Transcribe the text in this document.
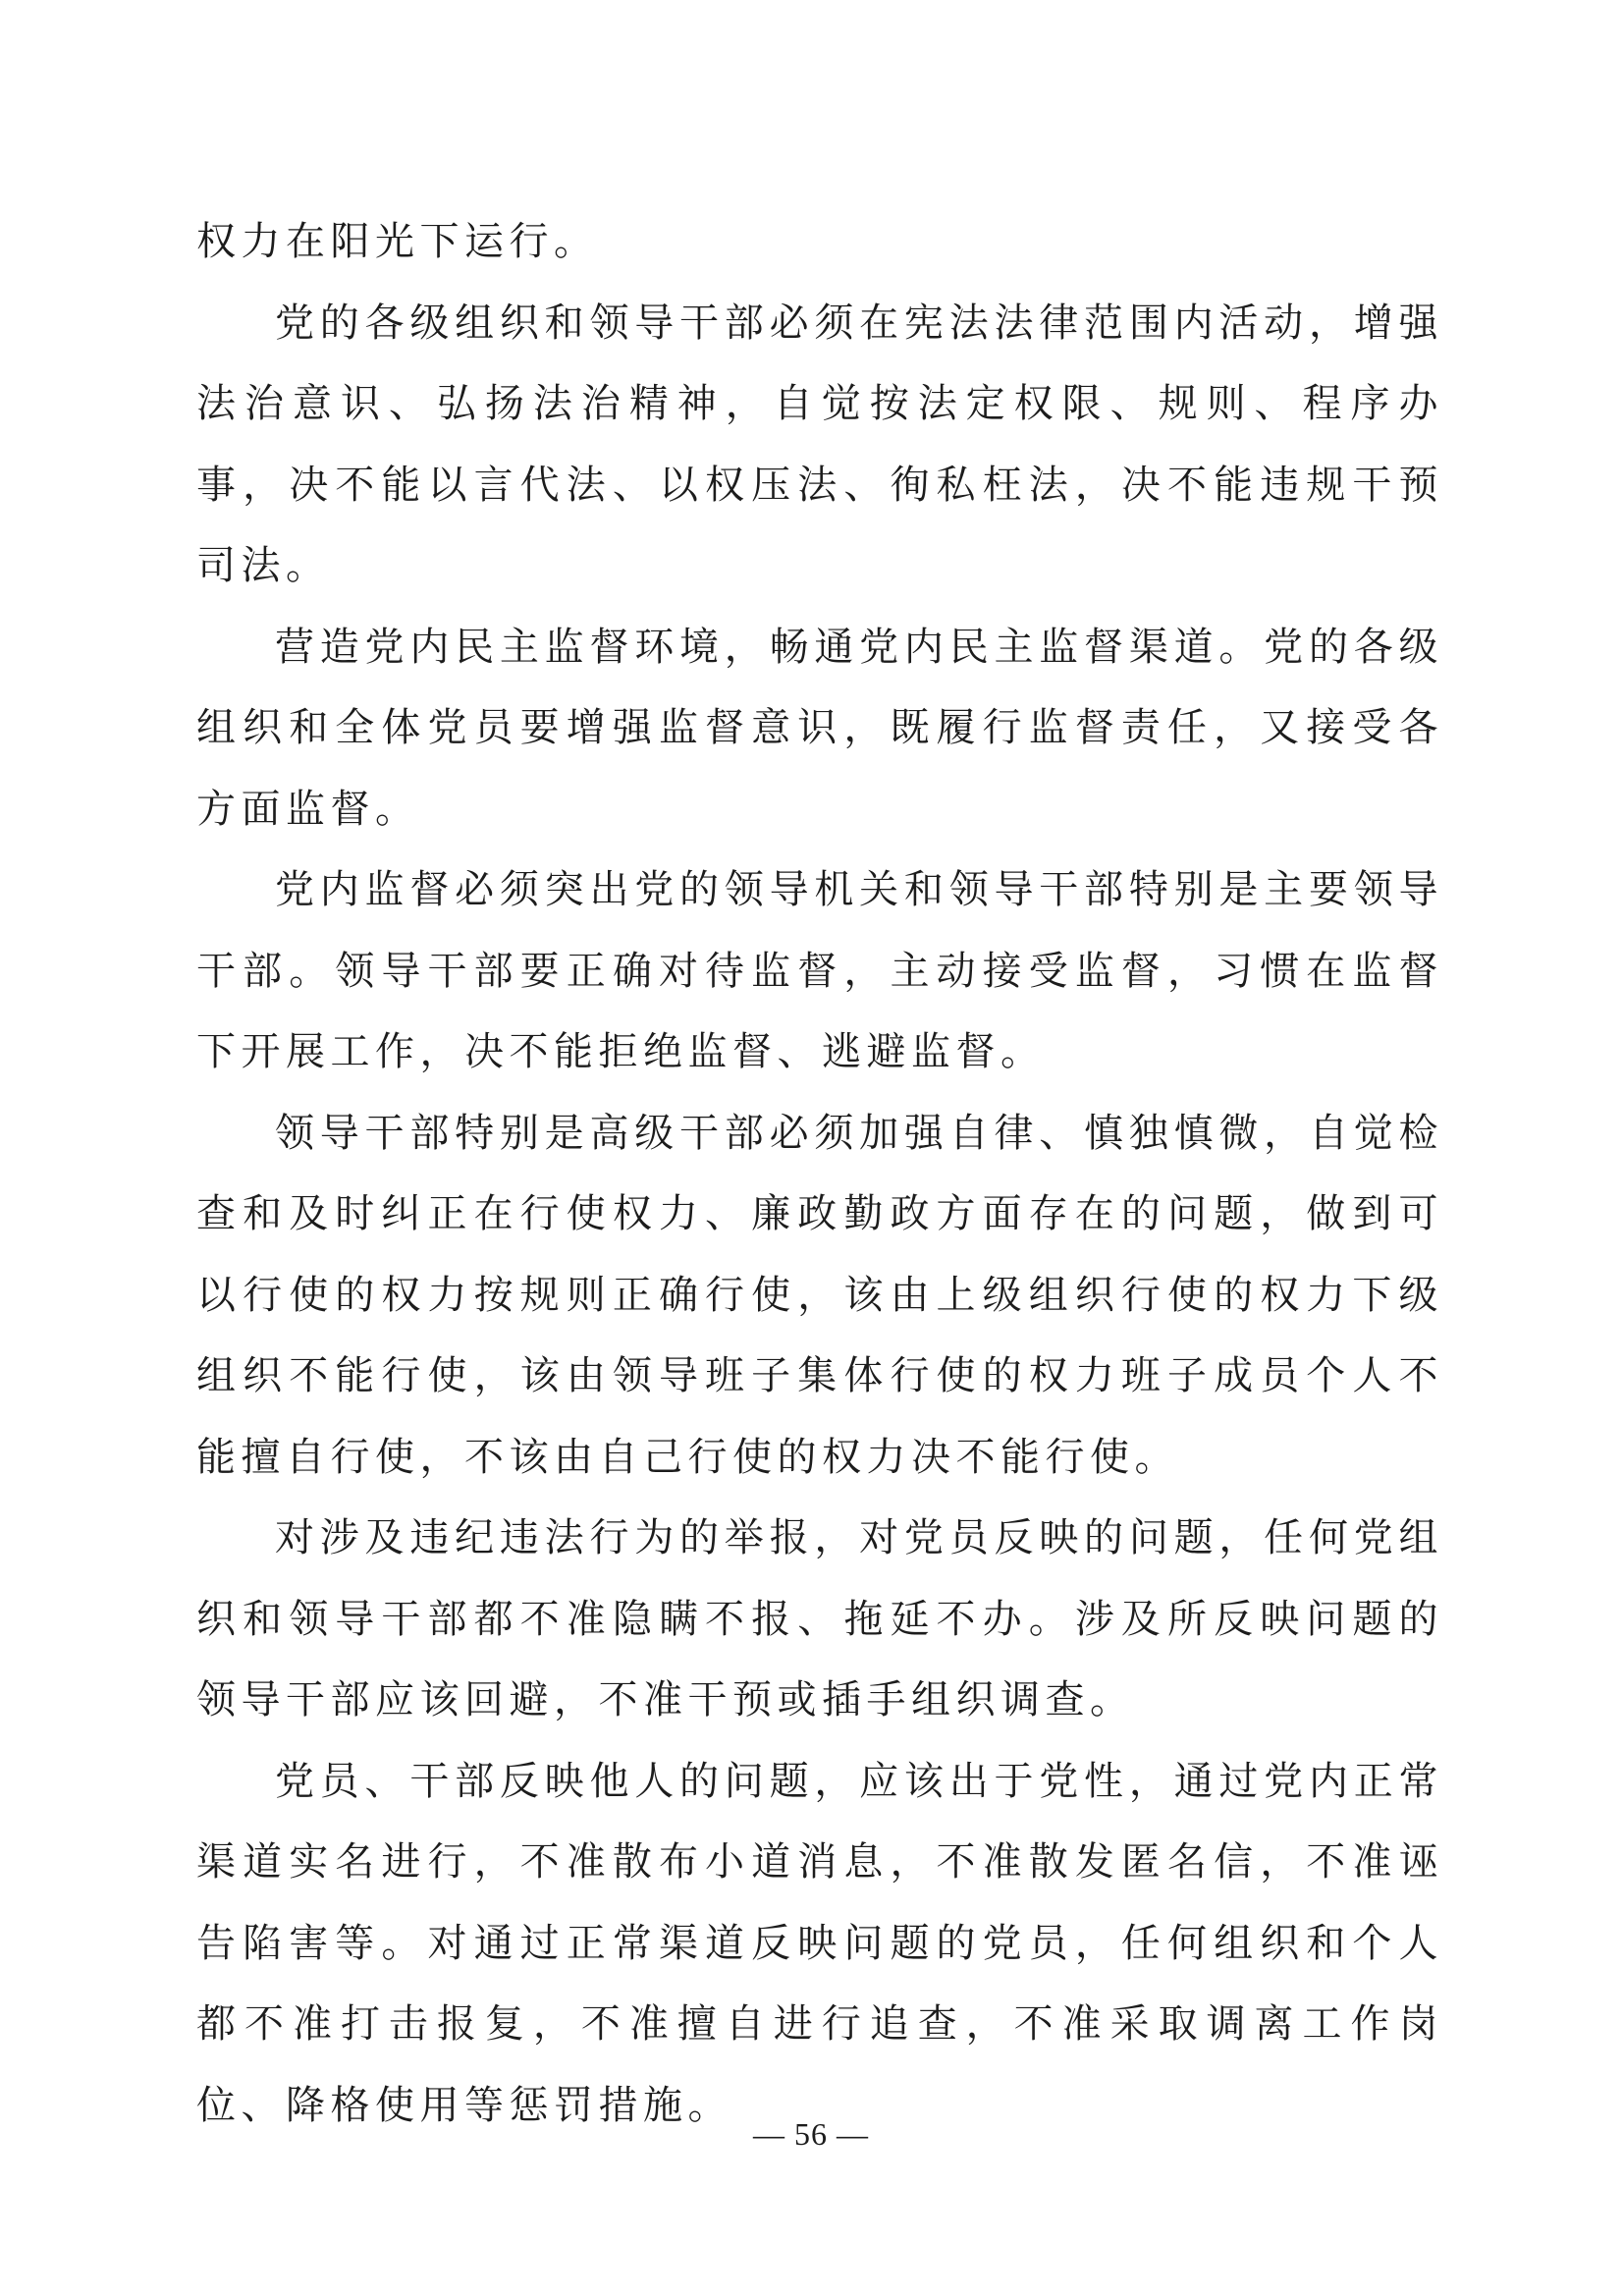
权力在阳光下运行。

党的各级组织和领导干部必须在宪法法律范围内活动，增强法治意识、弘扬法治精神，自觉按法定权限、规则、程序办事，决不能以言代法、以权压法、徇私枉法，决不能违规干预司法。

营造党内民主监督环境，畅通党内民主监督渠道。党的各级组织和全体党员要增强监督意识，既履行监督责任，又接受各方面监督。

党内监督必须突出党的领导机关和领导干部特别是主要领导干部。领导干部要正确对待监督，主动接受监督，习惯在监督下开展工作，决不能拒绝监督、逃避监督。

领导干部特别是高级干部必须加强自律、慎独慎微，自觉检查和及时纠正在行使权力、廉政勤政方面存在的问题，做到可以行使的权力按规则正确行使，该由上级组织行使的权力下级组织不能行使，该由领导班子集体行使的权力班子成员个人不能擅自行使，不该由自己行使的权力决不能行使。

对涉及违纪违法行为的举报，对党员反映的问题，任何党组织和领导干部都不准隐瞒不报、拖延不办。涉及所反映问题的领导干部应该回避，不准干预或插手组织调查。

党员、干部反映他人的问题，应该出于党性，通过党内正常渠道实名进行，不准散布小道消息，不准散发匿名信，不准诬告陷害等。对通过正常渠道反映问题的党员，任何组织和个人都不准打击报复，不准擅自进行追查，不准采取调离工作岗位、降格使用等惩罚措施。

— 56 —
